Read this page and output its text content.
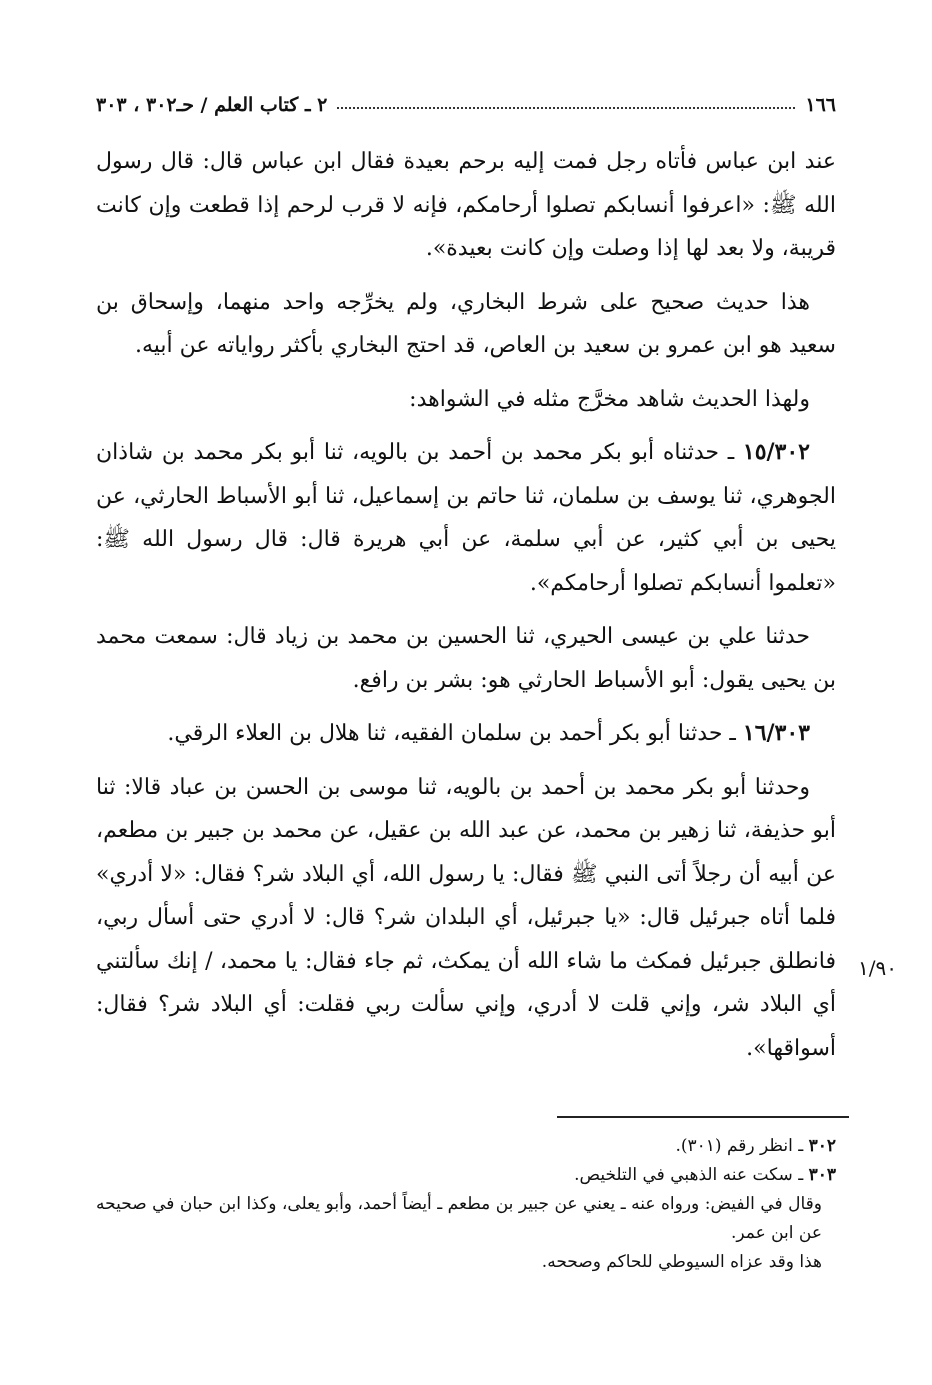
١٦٦
٢ ـ كتاب العلم / حـ٣٠٢ ، ٣٠٣

عند ابن عباس فأتاه رجل فمت إليه برحم بعيدة فقال ابن عباس قال: قال رسول الله ﷺ: «اعرفوا أنسابكم تصلوا أرحامكم، فإنه لا قرب لرحم إذا قطعت وإن كانت قريبة، ولا بعد لها إذا وصلت وإن كانت بعيدة».

هذا حديث صحيح على شرط البخاري، ولم يخرِّجه واحد منهما، وإسحاق بن سعيد هو ابن عمرو بن سعيد بن العاص، قد احتج البخاري بأكثر رواياته عن أبيه.

ولهذا الحديث شاهد مخرَّج مثله في الشواهد:

١٥/٣٠٢ ـ حدثناه أبو بكر محمد بن أحمد بن بالويه، ثنا أبو بكر محمد بن شاذان الجوهري، ثنا يوسف بن سلمان، ثنا حاتم بن إسماعيل، ثنا أبو الأسباط الحارثي، عن يحيى بن أبي كثير، عن أبي سلمة، عن أبي هريرة قال: قال رسول الله ﷺ: «تعلموا أنسابكم تصلوا أرحامكم».

حدثنا علي بن عيسى الحيري، ثنا الحسين بن محمد بن زياد قال: سمعت محمد بن يحيى يقول: أبو الأسباط الحارثي هو: بشر بن رافع.

١٦/٣٠٣ ـ حدثنا أبو بكر أحمد بن سلمان الفقيه، ثنا هلال بن العلاء الرقي.

وحدثنا أبو بكر محمد بن أحمد بن بالويه، ثنا موسى بن الحسن بن عباد قالا: ثنا أبو حذيفة، ثنا زهير بن محمد، عن عبد الله بن عقيل، عن محمد بن جبير بن مطعم، عن أبيه أن رجلاً أتى النبي ﷺ فقال: يا رسول الله، أي البلاد شر؟ فقال: «لا أدري» فلما أتاه جبرئيل قال: «يا جبرئيل، أي البلدان شر؟ قال: لا أدري حتى أسأل ربي، فانطلق جبرئيل فمكث ما شاء الله أن يمكث، ثم جاء فقال: يا محمد، / إنك سألتني أي البلاد شر، وإني قلت لا أدري، وإني سألت ربي فقلت: أي البلاد شر؟ فقال: أسواقها».

١/٩٠

٣٠٢ ـ انظر رقم (٣٠١).

٣٠٣ ـ سكت عنه الذهبي في التلخيص.

وقال في الفيض: ورواه عنه ـ يعني عن جبير بن مطعم ـ أيضاً أحمد، وأبو يعلى، وكذا ابن حبان في صحيحه عن ابن عمر.

هذا وقد عزاه السيوطي للحاكم وصححه.
